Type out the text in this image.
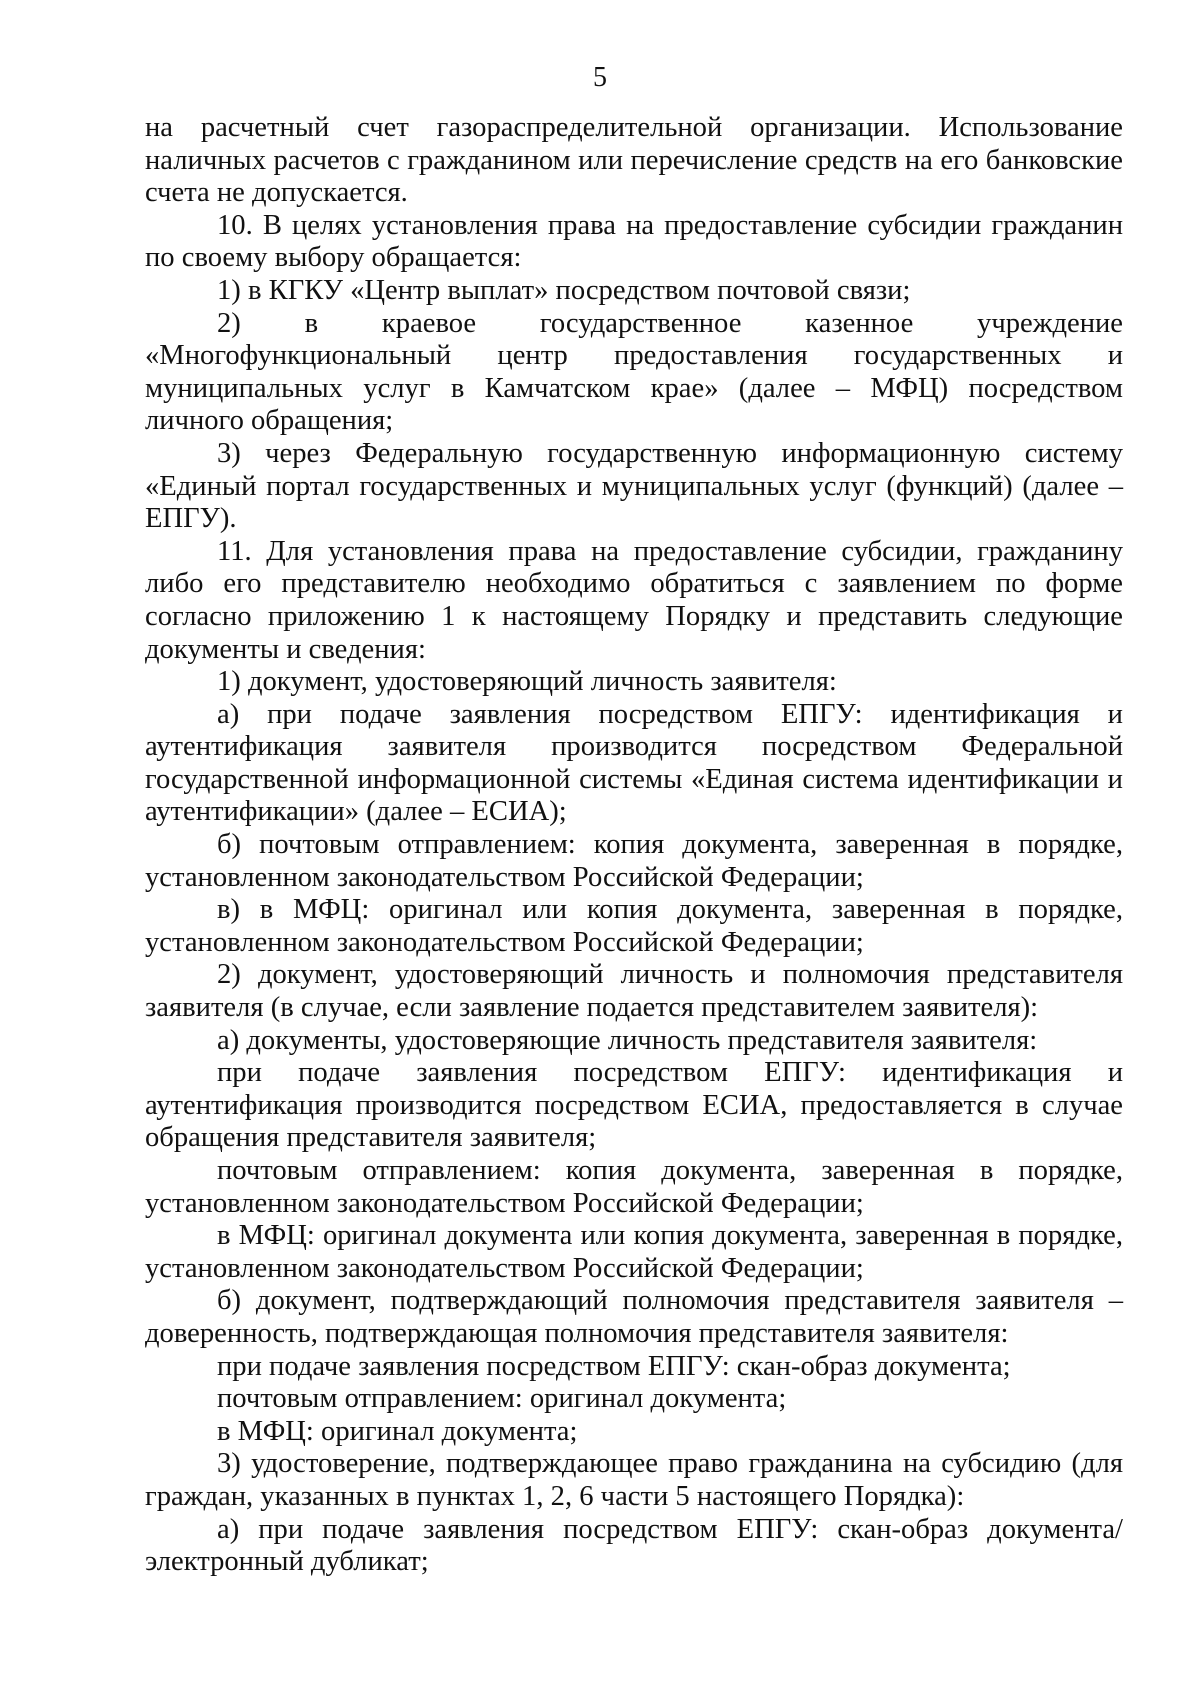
5

на расчетный счет газораспределительной организации. Использование наличных расчетов с гражданином или перечисление средств на его банковские счета не допускается.

10. В целях установления права на предоставление субсидии гражданин по своему выбору обращается:

1) в КГКУ «Центр выплат» посредством почтовой связи;

2) в краевое государственное казенное учреждение «Многофункциональный центр предоставления государственных и муниципальных услуг в Камчатском крае» (далее – МФЦ) посредством личного обращения;

3) через Федеральную государственную информационную систему «Единый портал государственных и муниципальных услуг (функций) (далее – ЕПГУ).

11. Для установления права на предоставление субсидии, гражданину либо его представителю необходимо обратиться с заявлением по форме согласно приложению 1 к настоящему Порядку и представить следующие документы и сведения:

1) документ, удостоверяющий личность заявителя:

а) при подаче заявления посредством ЕПГУ: идентификация и аутентификация заявителя производится посредством Федеральной государственной информационной системы «Единая система идентификации и аутентификации» (далее – ЕСИА);

б) почтовым отправлением: копия документа, заверенная в порядке, установленном законодательством Российской Федерации;

в) в МФЦ: оригинал или копия документа, заверенная в порядке, установленном законодательством Российской Федерации;

2) документ, удостоверяющий личность и полномочия представителя заявителя (в случае, если заявление подается представителем заявителя):

а) документы, удостоверяющие личность представителя заявителя:

при подаче заявления посредством ЕПГУ: идентификация и аутентификация производится посредством ЕСИА, предоставляется в случае обращения представителя заявителя;

почтовым отправлением: копия документа, заверенная в порядке, установленном законодательством Российской Федерации;

в МФЦ: оригинал документа или копия документа, заверенная в порядке, установленном законодательством Российской Федерации;

б) документ, подтверждающий полномочия представителя заявителя – доверенность, подтверждающая полномочия представителя заявителя:

при подаче заявления посредством ЕПГУ: скан-образ документа;

почтовым отправлением: оригинал документа;

в МФЦ: оригинал документа;

3) удостоверение, подтверждающее право гражданина на субсидию (для граждан, указанных в пунктах 1, 2, 6 части 5 настоящего Порядка):

а) при подаче заявления посредством ЕПГУ: скан-образ документа/электронный дубликат;
